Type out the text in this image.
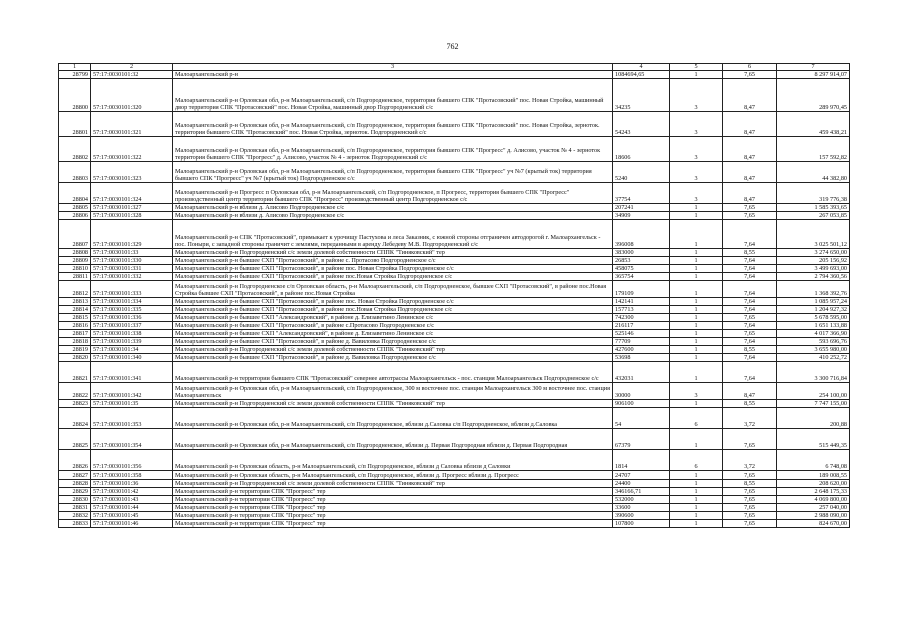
762
1	2	3	4	5	6	7
28799	57:17:0030101:32	Малоархангельский р-н	1084694,65	1	7,65	8 297 914,07
28800	57:17:0030101:320	Малоархангельский р-н Орловская обл, р-н Малоархангельский, с/п Подгородненское, территория бывшего СПК "Протасовский" пос. Новая Стройка, машинный двор территория СПК "Протасовский" пос. Новая Стройка, машинный двор Подгородненский с/с	34235	3	8,47	289 970,45
28801	57:17:0030101:321	Малоархангельский р-н Орловская обл, р-н Малоархангельский, с/п Подгородненское, территория бывшего СПК "Протасовский" пос. Новая Стройка, зерноток. территория бывшего СПК "Протасовский" пос. Новая Стройка, зерноток. Подгородненский с/с	54243	3	8,47	459 438,21
28802	57:17:0030101:322	Малоархангельский р-н Орловская обл, р-н Малоархангельский, с/п Подгородненское, территория бывшего СПК "Прогресс" д. Алисово, участок № 4 - зерноток территория бывшего СПК "Прогресс" д. Алисово, участок № 4 - зерноток Подгородненский с/с	18606	3	8,47	157 592,82
28803	57:17:0030101:323	Малоархангельский р-н Орловская обл, р-н Малоархангельский, с/п Подгородненское, территория бывшего СПК "Прогресс" уч №7 (крытый ток) территория бывшего СПК "Прогресс" уч №7 (крытый ток) Подгородненское с/с	5240	3	8,47	44 382,80
28804	57:17:0030101:324	Малоархангельский р-н Прогресс п Орловская обл, р-н Малоархангельский, с/п Подгородненское, п Прогресс, территория бывшего СПК "Прогресс" производственный центр территории бывшего СПК "Прогресс" производственный центр Подгородненское с/с	37754	3	8,47	319 776,38
28805	57:17:0030101:327	Малоархангельский р-н вблизи д. Алисово Подгородненское с/с	207241	1	7,65	1 585 393,65
28806	57:17:0030101:328	Малоархангельский р-н вблизи д. Алисово Подгородненское с/с	34909	1	7,65	267 053,85
28807	57:17:0030101:329	Малоархангельский р-н СПК "Протасовский", примыкает к урочищу Пастухова и леса Заказник, с южной стороны отграничен автодорогой г. Малоархангельск - пос. Поныри, с западной стороны граничит с землями, переданными в аренду Лебедеву М.В. Подгородненский с/с	396008	1	7,64	3 025 501,12
28808	57:17:0030101:33	Малоархангельский р-н Подгородненский с/с земли долевой собственности СППК "Тиняковский" тер	383000	1	8,55	3 274 650,00
28809	57:17:0030101:330	Малоархангельский р-н бывшее СХП "Протасовский", в районе с. Протасово Подгородненское с/с	26853	1	7,64	205 156,92
28810	57:17:0030101:331	Малоархангельский р-н бывшее СХП "Протасовский", в районе пос. Новая Стройка Подгородненское с/с	458075	1	7,64	3 499 693,00
28811	57:17:0030101:332	Малоархангельский р-н бывшее СХП "Протасовский", в районе пос.Новая Стройка Подгородненское с/с	365754	1	7,64	2 794 360,56
28812	57:17:0030101:333	Малоархангельский р-н Подгородненское с/п Орловская область, р-н Малоархангельский, с/п Подгородненское, бывшее СХП "Протасовский", в районе пос.Новая Стройка бывшее СХП "Протасовский", в районе пос.Новая Стройка	179109	1	7,64	1 368 392,76
28813	57:17:0030101:334	Малоархангельский р-н бывшее СХП "Протасовский", в районе пос. Новая Стройка Подгородненское с/с	142141	1	7,64	1 085 957,24
28814	57:17:0030101:335	Малоархангельский р-н бывшее СХП "Протасовский", в районе пос.Новая Стройка Подгородненское с/с	157713	1	7,64	1 204 927,32
28815	57:17:0030101:336	Малоархангельский р-н бывшее СХП "Александровский", в районе д. Елизаветино Ленинское с/с	742300	1	7,65	5 678 595,00
28816	57:17:0030101:337	Малоархангельский р-н бывшее СХП "Протасовский", в районе с.Протасово Подгородненское с/с	216117	1	7,64	1 651 133,88
28817	57:17:0030101:338	Малоархангельский р-н бывшее СХП "Александровский", в районе д. Елизаветино Ленинское с/с	525146	1	7,65	4 017 366,90
28818	57:17:0030101:339	Малоархангельский р-н бывшее СХП "Протасовский", в районе д. Вавиловка Подгородненское с/с	77709	1	7,64	593 696,76
28819	57:17:0030101:34	Малоархангельский р-н Подгородненский с/с земли долевой собственности СППК "Тиняковский" тер	427600	1	8,55	3 655 980,00
28820	57:17:0030101:340	Малоархангельский р-н бывшее СХП "Протасовский", в районе д. Вавиловка Подгородненское с/с	53698	1	7,64	410 252,72
28821	57:17:0030101:341	Малоархангельский р-н территории бывшего СПК "Протасовский" севернее автотрассы Малоархангельск - пос. станция Малоархангельск Подгородненское с/с	432031	1	7,64	3 300 716,84
28822	57:17:0030101:342	Малоархангельский р-н Орловская обл, р-н Малоархангельский, с/п Подгородненское, 300 м восточнее пос. станция Малоархангельск 300 м восточнее пос. станция Малоархангельск	30000	3	8,47	254 100,00
28823	57:17:0030101:35	Малоархангельский р-н Подгородненский с/с земли долевой собственности СППК "Тиняковский" тер	906100	1	8,55	7 747 155,00
28824	57:17:0030101:353	Малоархангельский р-н Орловская обл, р-н Малоархангельский, с/п Подгородненское, вблизи д.Саловка с/п Подгородненское, вблизи д.Саловка	54	6	3,72	200,88
28825	57:17:0030101:354	Малоархангельский р-н Орловская обл, р-н Малоархангельский, с/п Подгородненское, вблизи д. Первая Подгородная вблизи д. Первая Подгородная	67379	1	7,65	515 449,35
28826	57:17:0030101:356	Малоархангельский р-н Орловская область, р-н Малоархангельский, с/п Подгородненское, вблизи д Саловка вблизи д Саловки	1814	6	3,72	6 748,08
28827	57:17:0030101:358	Малоархангельский р-н Орловская область, р-н Малоархангельский, с/п Подгородненское, вблизи д. Прогресс вблизи д. Прогресс	24707	1	7,65	189 008,55
28828	57:17:0030101:36	Малоархангельский р-н Подгородненский с/с земли долевой собственности СППК "Тиняковский" тер	24400	1	8,55	208 620,00
28829	57:17:0030101:42	Малоархангельский р-н территории СПК "Прогресс" тер	346166,71	1	7,65	2 648 175,33
28830	57:17:0030101:43	Малоархангельский р-н территории СПК "Прогресс" тер	532000	1	7,65	4 069 800,00
28831	57:17:0030101:44	Малоархангельский р-н территории СПК "Прогресс" тер	33600	1	7,65	257 040,00
28832	57:17:0030101:45	Малоархангельский р-н территории СПК "Прогресс" тер	390600	1	7,65	2 988 090,00
28833	57:17:0030101:46	Малоархангельский р-н территории СПК "Прогресс" тер	107800	1	7,65	824 670,00
